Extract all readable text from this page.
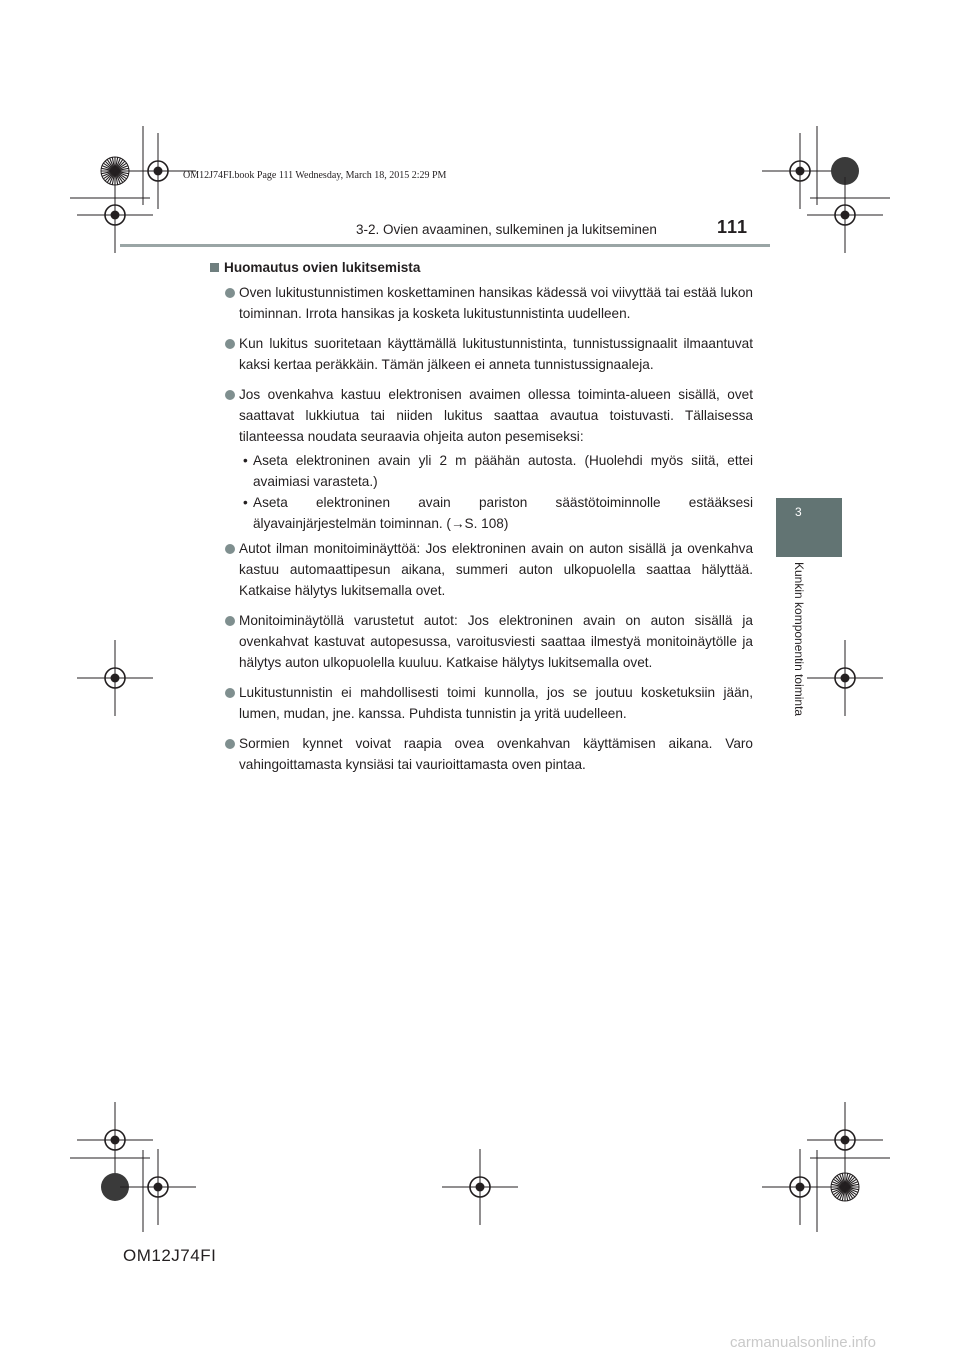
OM12J74FI.book Page 111 Wednesday, March 18, 2015 2:29 PM
3-2. Ovien avaaminen, sulkeminen ja lukitseminen	111
3
Kunkin komponentin toiminta
Huomautus ovien lukitsemista
Oven lukitustunnistimen koskettaminen hansikas kädessä voi viivyttää tai estää lukon toiminnan. Irrota hansikas ja kosketa lukitustunnistinta uudelleen.
Kun lukitus suoritetaan käyttämällä lukitustunnistinta, tunnistussignaalit ilmaantuvat kaksi kertaa peräkkäin. Tämän jälkeen ei anneta tunnistussignaaleja.
Jos ovenkahva kastuu elektronisen avaimen ollessa toiminta-alueen sisällä, ovet saattavat lukkiutua tai niiden lukitus saattaa avautua toistuvasti. Tällaisessa tilanteessa noudata seuraavia ohjeita auton pesemiseksi:
• Aseta elektroninen avain yli 2 m päähän autosta. (Huolehdi myös siitä, ettei avaimiasi varasteta.)
• Aseta elektroninen avain pariston säästötoiminnolle estääksesi älyavainjärjestelmän toiminnan. (→S. 108)
Autot ilman monitoiminäyttöä: Jos elektroninen avain on auton sisällä ja ovenkahva kastuu automaattipesun aikana, summeri auton ulkopuolella saattaa hälyttää. Katkaise hälytys lukitsemalla ovet.
Monitoiminäytöllä varustetut autot: Jos elektroninen avain on auton sisällä ja ovenkahvat kastuvat autopesussa, varoitusviesti saattaa ilmestyä monitoinäytölle ja hälytys auton ulkopuolella kuuluu. Katkaise hälytys lukitsemalla ovet.
Lukitustunnistin ei mahdollisesti toimi kunnolla, jos se joutuu kosketuksiin jään, lumen, mudan, jne. kanssa. Puhdista tunnistin ja yritä uudelleen.
Sormien kynnet voivat raapia ovea ovenkahvan käyttämisen aikana. Varo vahingoittamasta kynsiäsi tai vaurioittamasta oven pintaa.
OM12J74FI
carmanualsonline.info
